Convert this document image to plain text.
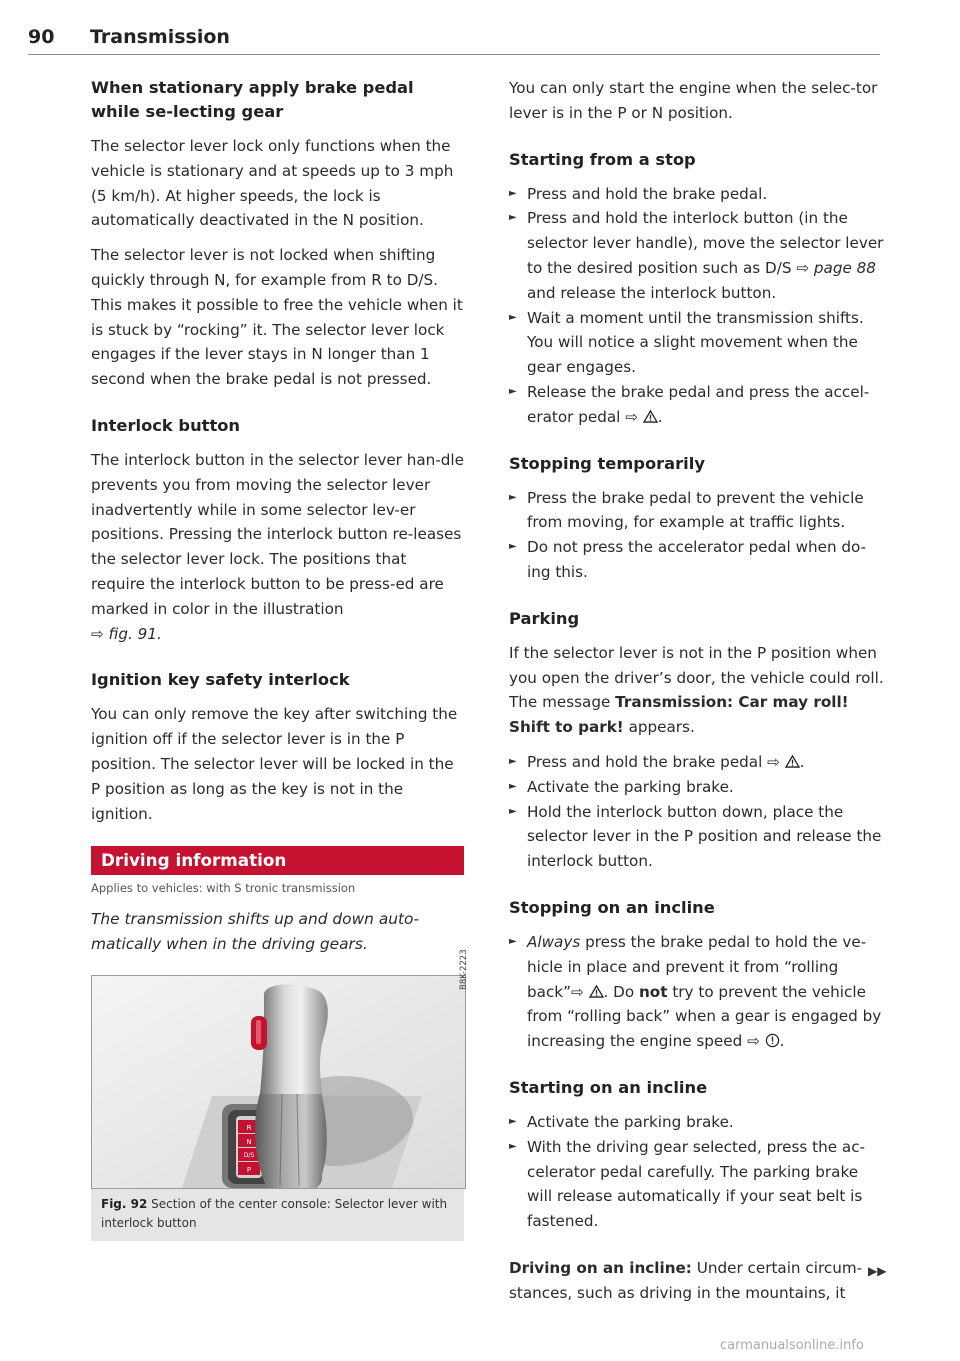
90 Transmission
When stationary apply brake pedal while se-lecting gear

The selector lever lock only functions when the vehicle is stationary and at speeds up to 3 mph (5 km/h). At higher speeds, the lock is automatically deactivated in the N position.

The selector lever is not locked when shifting quickly through N, for example from R to D/S. This makes it possible to free the vehicle when it is stuck by “rocking” it. The selector lever lock engages if the lever stays in N longer than 1 second when the brake pedal is not pressed.

Interlock button

The interlock button in the selector lever han-dle prevents you from moving the selector lever inadvertently while in some selector lev-er positions. Pressing the interlock button re-leases the selector lever lock. The positions that require the interlock button to be press-ed are marked in color in the illustration
⇨ fig. 91.

Ignition key safety interlock

You can only remove the key after switching the ignition off if the selector lever is in the P position. The selector lever will be locked in the P position as long as the key is not in the ignition.

Driving information
Applies to vehicles: with S tronic transmission

The transmission shifts up and down auto-matically when in the driving gears.

R
N
D/S
P
B8K-2223
Fig. 92 Section of the center console: Selector lever with interlock button

You can only start the engine when the selec-tor lever is in the P or N position.

Starting from a stop
► Press and hold the brake pedal.
► Press and hold the interlock button (in the selector lever handle), move the selector lever to the desired position such as D/S ⇨ page 88 and release the interlock button.
► Wait a moment until the transmission shifts. You will notice a slight movement when the gear engages.
► Release the brake pedal and press the accel-erator pedal ⇨ .
Stopping temporarily
► Press the brake pedal to prevent the vehicle from moving, for example at traffic lights.
► Do not press the accelerator pedal when do-ing this.
Parking

If the selector lever is not in the P position when you open the driver’s door, the vehicle could roll. The message Transmission: Car may roll! Shift to park! appears.

► Press and hold the brake pedal ⇨ .
► Activate the parking brake.
► Hold the interlock button down, place the selector lever in the P position and release the interlock button.
Stopping on an incline
► Always press the brake pedal to hold the ve-hicle in place and prevent it from “rolling back”⇨ . Do not try to prevent the vehicle from “rolling back” when a gear is engaged by increasing the engine speed ⇨ .
Starting on an incline
► Activate the parking brake.
► With the driving gear selected, press the ac-celerator pedal carefully. The parking brake will release automatically if your seat belt is fastened.

Driving on an incline: Under certain circum-stances, such as driving in the mountains, it

▶▶
carmanualsonline.info
